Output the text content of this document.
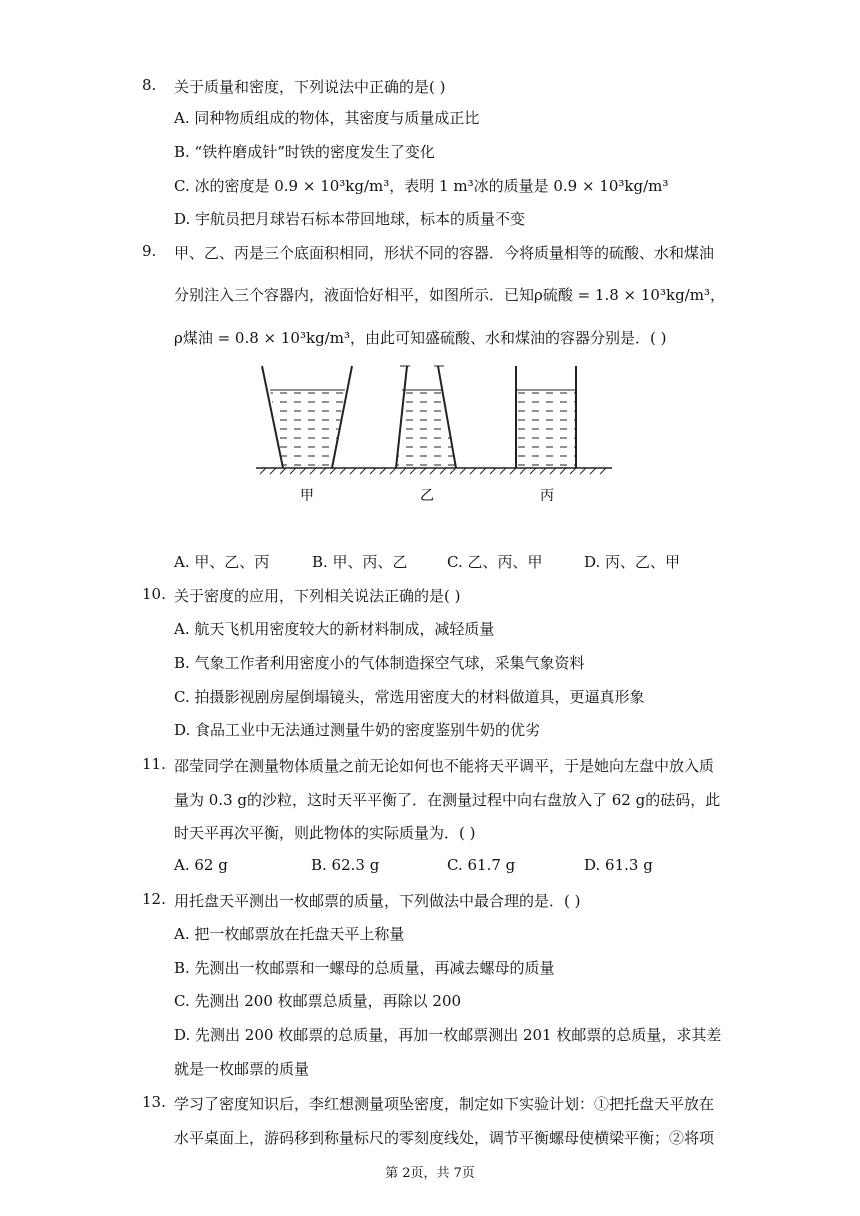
8. 关于质量和密度，下列说法中正确的是( )
A. 同种物质组成的物体，其密度与质量成正比
B. “铁杵磨成针”时铁的密度发生了变化
C. 冰的密度是 0.9 × 10³kg/m³，表明 1 m³冰的质量是 0.9 × 10³kg/m³
D. 宇航员把月球岩石标本带回地球，标本的质量不变
9. 甲、乙、丙是三个底面积相同，形状不同的容器．今将质量相等的硫酸、水和煤油
分别注入三个容器内，液面恰好相平，如图所示．已知ρ硫酸 = 1.8 × 10³kg/m³，
ρ煤油 = 0.8 × 10³kg/m³，由此可知盛硫酸、水和煤油的容器分别是．( )
甲	乙	丙
A. 甲、乙、丙	B. 甲、丙、乙	C. 乙、丙、甲	D. 丙、乙、甲
10. 关于密度的应用，下列相关说法正确的是( )
A. 航天飞机用密度较大的新材料制成，减轻质量
B. 气象工作者利用密度小的气体制造探空气球，采集气象资料
C. 拍摄影视剧房屋倒塌镜头，常选用密度大的材料做道具，更逼真形象
D. 食品工业中无法通过测量牛奶的密度鉴别牛奶的优劣
11. 邵莹同学在测量物体质量之前无论如何也不能将天平调平，于是她向左盘中放入质
量为 0.3 g的沙粒，这时天平平衡了．在测量过程中向右盘放入了 62 g的砝码，此
时天平再次平衡，则此物体的实际质量为．( )
A. 62 g	B. 62.3 g	C. 61.7 g	D. 61.3 g
12. 用托盘天平测出一枚邮票的质量，下列做法中最合理的是．( )
A. 把一枚邮票放在托盘天平上称量
B. 先测出一枚邮票和一螺母的总质量，再减去螺母的质量
C. 先测出 200 枚邮票总质量，再除以 200
D. 先测出 200 枚邮票的总质量，再加一枚邮票测出 201 枚邮票的总质量，求其差
就是一枚邮票的质量
13. 学习了密度知识后，李红想测量项坠密度，制定如下实验计划：①把托盘天平放在
水平桌面上，游码移到称量标尺的零刻度线处，调节平衡螺母使横梁平衡；②将项
第 2页，共 7页
